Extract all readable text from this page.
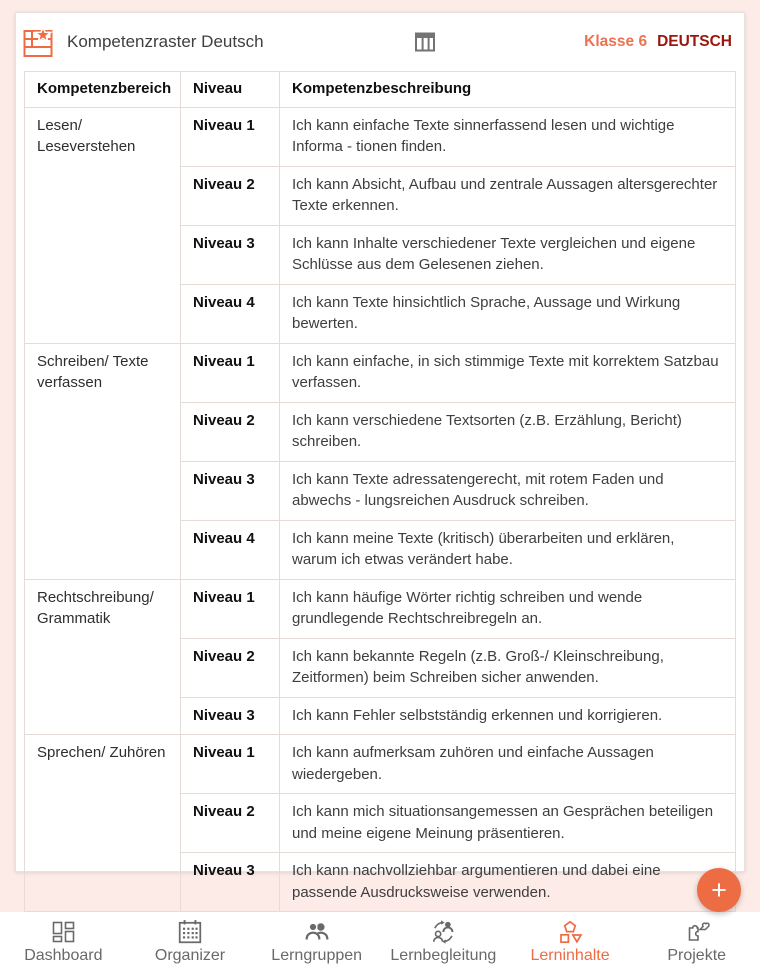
Kompetenzraster Deutsch	Klasse 6 DEUTSCH
Kompetenzbereich	Niveau	Kompetenzbeschreibung
Lesen/ Leseverstehen	Niveau 1	Ich kann einfache Texte sinnerfassend lesen und wichtige Informa - tionen finden.
	Niveau 2	Ich kann Absicht, Aufbau und zentrale Aussagen altersgerechter Texte erkennen.
	Niveau 3	Ich kann Inhalte verschiedener Texte vergleichen und eigene Schlüsse aus dem Gelesenen ziehen.
	Niveau 4	Ich kann Texte hinsichtlich Sprache, Aussage und Wirkung bewerten.
Schreiben/ Texte verfassen	Niveau 1	Ich kann einfache, in sich stimmige Texte mit korrektem Satzbau verfassen.
	Niveau 2	Ich kann verschiedene Textsorten (z.B. Erzählung, Bericht) schreiben.
	Niveau 3	Ich kann Texte adressatengerecht, mit rotem Faden und abwechs - lungsreichen Ausdruck schreiben.
	Niveau 4	Ich kann meine Texte (kritisch) überarbeiten und erklären, warum ich etwas verändert habe.
Rechtschreibung/ Grammatik	Niveau 1	Ich kann häufige Wörter richtig schreiben und wende grundlegende Rechtschreibregeln an.
	Niveau 2	Ich kann bekannte Regeln (z.B. Groß-/ Kleinschreibung, Zeitformen) beim Schreiben sicher anwenden.
	Niveau 3	Ich kann Fehler selbstständig erkennen und korrigieren.
Sprechen/ Zuhören	Niveau 1	Ich kann aufmerksam zuhören und einfache Aussagen wiedergeben.
	Niveau 2	Ich kann mich situationsangemessen an Gesprächen beteiligen und meine eigene Meinung präsentieren.
	Niveau 3	Ich kann nachvollziehbar argumentieren und dabei eine passende Ausdrucksweise verwenden.	+
Dashboard	Organizer	Lerngruppen Lernbegleitung Lerninhalte	Projekte
